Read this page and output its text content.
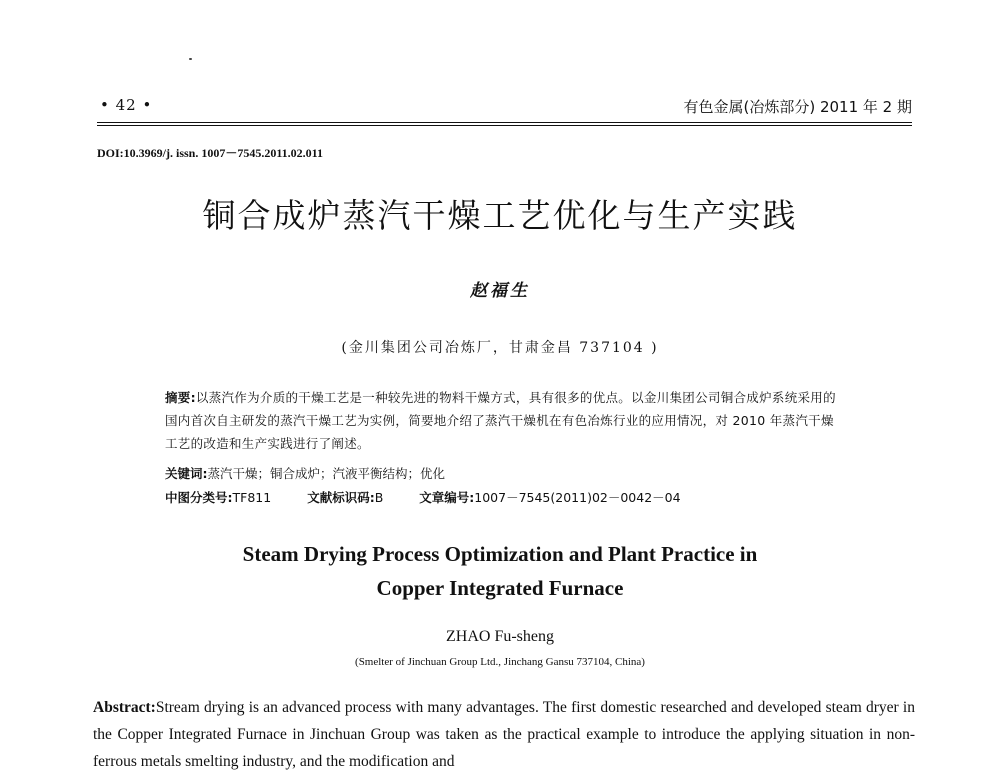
• 42 •	有色金属(冶炼部分) 2011 年 2 期
DOI:10.3969/j. issn. 1007－7545.2011.02.011
铜合成炉蒸汽干燥工艺优化与生产实践
赵福生
(金川集团公司冶炼厂，甘肃金昌 737104 )
摘要:以蒸汽作为介质的干燥工艺是一种较先进的物料干燥方式，具有很多的优点。以金川集团公司铜合成炉系统采用的国内首次自主研发的蒸汽干燥工艺为实例，简要地介绍了蒸汽干燥机在有色冶炼行业的应用情况，对 2010 年蒸汽干燥工艺的改造和生产实践进行了阐述。
关键词:蒸汽干燥；铜合成炉；汽液平衡结构；优化
中图分类号:TF811	文献标识码:B	文章编号:1007－7545(2011)02－0042－04
Steam Drying Process Optimization and Plant Practice in
Copper Integrated Furnace
ZHAO Fu-sheng
(Smelter of Jinchuan Group Ltd., Jinchang Gansu 737104, China)
Abstract:Stream drying is an advanced process with many advantages. The first domestic researched and developed steam dryer in the Copper Integrated Furnace in Jinchuan Group was taken as the practical example to introduce the applying situation in non-ferrous metals smelting industry, and the modification and
